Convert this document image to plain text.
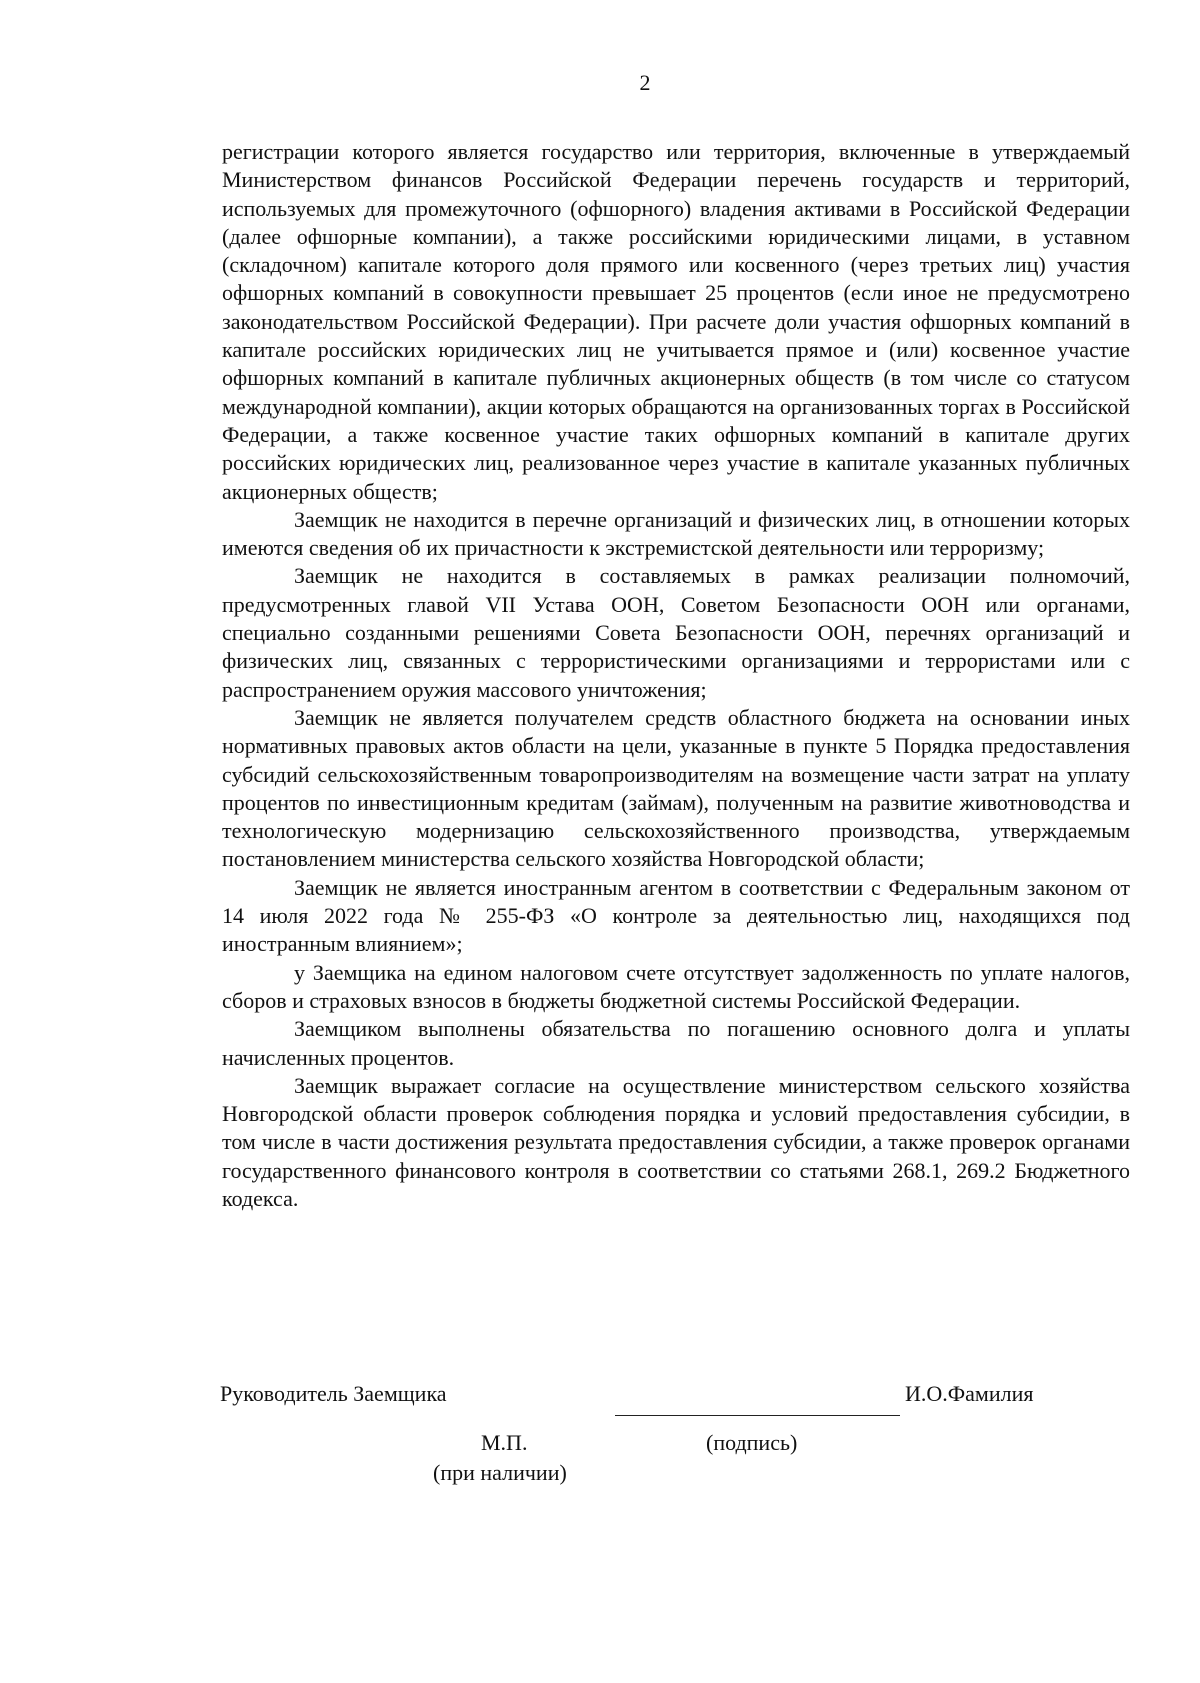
2

регистрации которого является государство или территория, включенные в утверждаемый Министерством финансов Российской Федерации перечень государств и территорий, используемых для промежуточного (офшорного) владения активами в Российской Федерации (далее офшорные компании), а также российскими юридическими лицами, в уставном (складочном) капитале которого доля прямого или косвенного (через третьих лиц) участия офшорных компаний в совокупности превышает 25 процентов (если иное не предусмотрено законодательством Российской Федерации). При расчете доли участия офшорных компаний в капитале российских юридических лиц не учитывается прямое и (или) косвенное участие офшорных компаний в капитале публичных акционерных обществ (в том числе со статусом международной компании), акции которых обращаются на организованных торгах в Российской Федерации, а также косвенное участие таких офшорных компаний в капитале других российских юридических лиц, реализованное через участие в капитале указанных публичных акционерных обществ;

Заемщик не находится в перечне организаций и физических лиц, в отношении которых имеются сведения об их причастности к экстремистской деятельности или терроризму;

Заемщик не находится в составляемых в рамках реализации полномочий, предусмотренных главой VII Устава ООН, Советом Безопасности ООН или органами, специально созданными решениями Совета Безопасности ООН, перечнях организаций и физических лиц, связанных с террористическими организациями и террористами или с распространением оружия массового уничтожения;

Заемщик не является получателем средств областного бюджета на основании иных нормативных правовых актов области на цели, указанные в пункте 5 Порядка предоставления субсидий сельскохозяйственным товаропроизводителям на возмещение части затрат на уплату процентов по инвестиционным кредитам (займам), полученным на развитие животноводства и технологическую модернизацию сельскохозяйственного производства, утверждаемым постановлением министерства сельского хозяйства Новгородской области;

Заемщик не является иностранным агентом в соответствии с Федеральным законом от 14 июля 2022 года № 255-ФЗ «О контроле за деятельностью лиц, находящихся под иностранным влиянием»;

у Заемщика на едином налоговом счете отсутствует задолженность по уплате налогов, сборов и страховых взносов в бюджеты бюджетной системы Российской Федерации.

Заемщиком выполнены обязательства по погашению основного долга и уплаты начисленных процентов.

Заемщик выражает согласие на осуществление министерством сельского хозяйства Новгородской области проверок соблюдения порядка и условий предоставления субсидии, в том числе в части достижения результата предоставления субсидии, а также проверок органами государственного финансового контроля в соответствии со статьями 268.1, 269.2 Бюджетного кодекса.

Руководитель Заемщика	И.О.Фамилия
(подпись)
М.П.
(при наличии)
